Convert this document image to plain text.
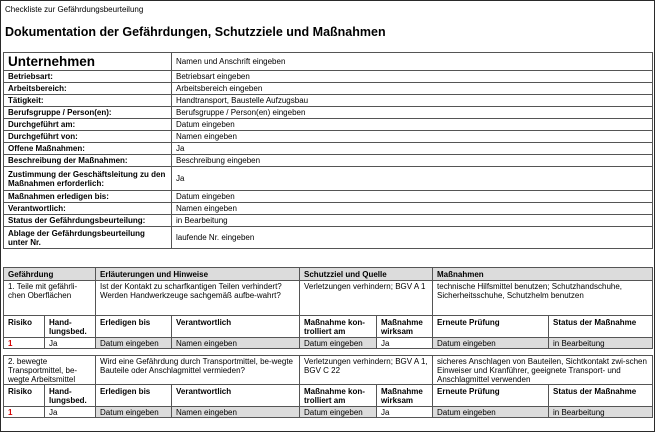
Checkliste zur Gefährdungsbeurteilung
Dokumentation der Gefährdungen, Schutzziele und Maßnahmen
Unternehmen	Namen und Anschrift eingeben
Betriebsart:	Betriebsart eingeben
Arbeitsbereich:	Arbeitsbereich eingeben
Tätigkeit:	Handtransport, Baustelle Aufzugsbau
Berufsgruppe / Person(en):	Berufsgruppe / Person(en) eingeben
Durchgeführt am:	Datum eingeben
Durchgeführt von:	Namen eingeben
Offene Maßnahmen:	Ja
Beschreibung der Maßnahmen:	Beschreibung eingeben
Zustimmung der Geschäftsleitung zu den Maßnahmen erforderlich:	Ja
Maßnahmen erledigen bis:	Datum eingeben
Verantwortlich:	Namen eingeben
Status der Gefährdungsbeurteilung:	in Bearbeitung
Ablage der Gefährdungsbeurteilung unter Nr.	laufende Nr. eingeben
Gefährdung		Erläuterungen und Hinweise		Schutzziel und Quelle		Maßnahmen	
1. Teile mit gefährli-chen Oberflächen		Ist der Kontakt zu scharfkantigen Teilen verhindert? Werden Handwerkzeuge sachgemäß aufbe-wahrt?		Verletzungen verhindern; BGV A 1		technische Hilfsmittel benutzen; Schutzhandschuhe, Sicherheitsschuhe, Schutzhelm benutzen	
Risiko	Hand-lungsbed.	Erledigen bis	Verantwortlich	Maßnahme kon-trolliert am	Maßnahme wirksam	Erneute Prüfung	Status der Maßnahme
1	Ja	Datum eingeben	Namen eingeben	Datum eingeben	Ja	Datum eingeben	in Bearbeitung

2. bewegte Transportmittel, be-wegte Arbeitsmittel		Wird eine Gefährdung durch Transportmittel, be-wegte Bauteile oder Anschlagmittel vermieden?		Verletzungen verhindern; BGV A 1, BGV C 22		sicheres Anschlagen von Bauteilen, Sichtkontakt zwi-schen Einweiser und Kranführer, geeignete Transport- und Anschlagmittel verwenden	
Risiko	Hand-lungsbed.	Erledigen bis	Verantwortlich	Maßnahme kon-trolliert am	Maßnahme wirksam	Erneute Prüfung	Status der Maßnahme
1	Ja	Datum eingeben	Namen eingeben	Datum eingeben	Ja	Datum eingeben	in Bearbeitung
